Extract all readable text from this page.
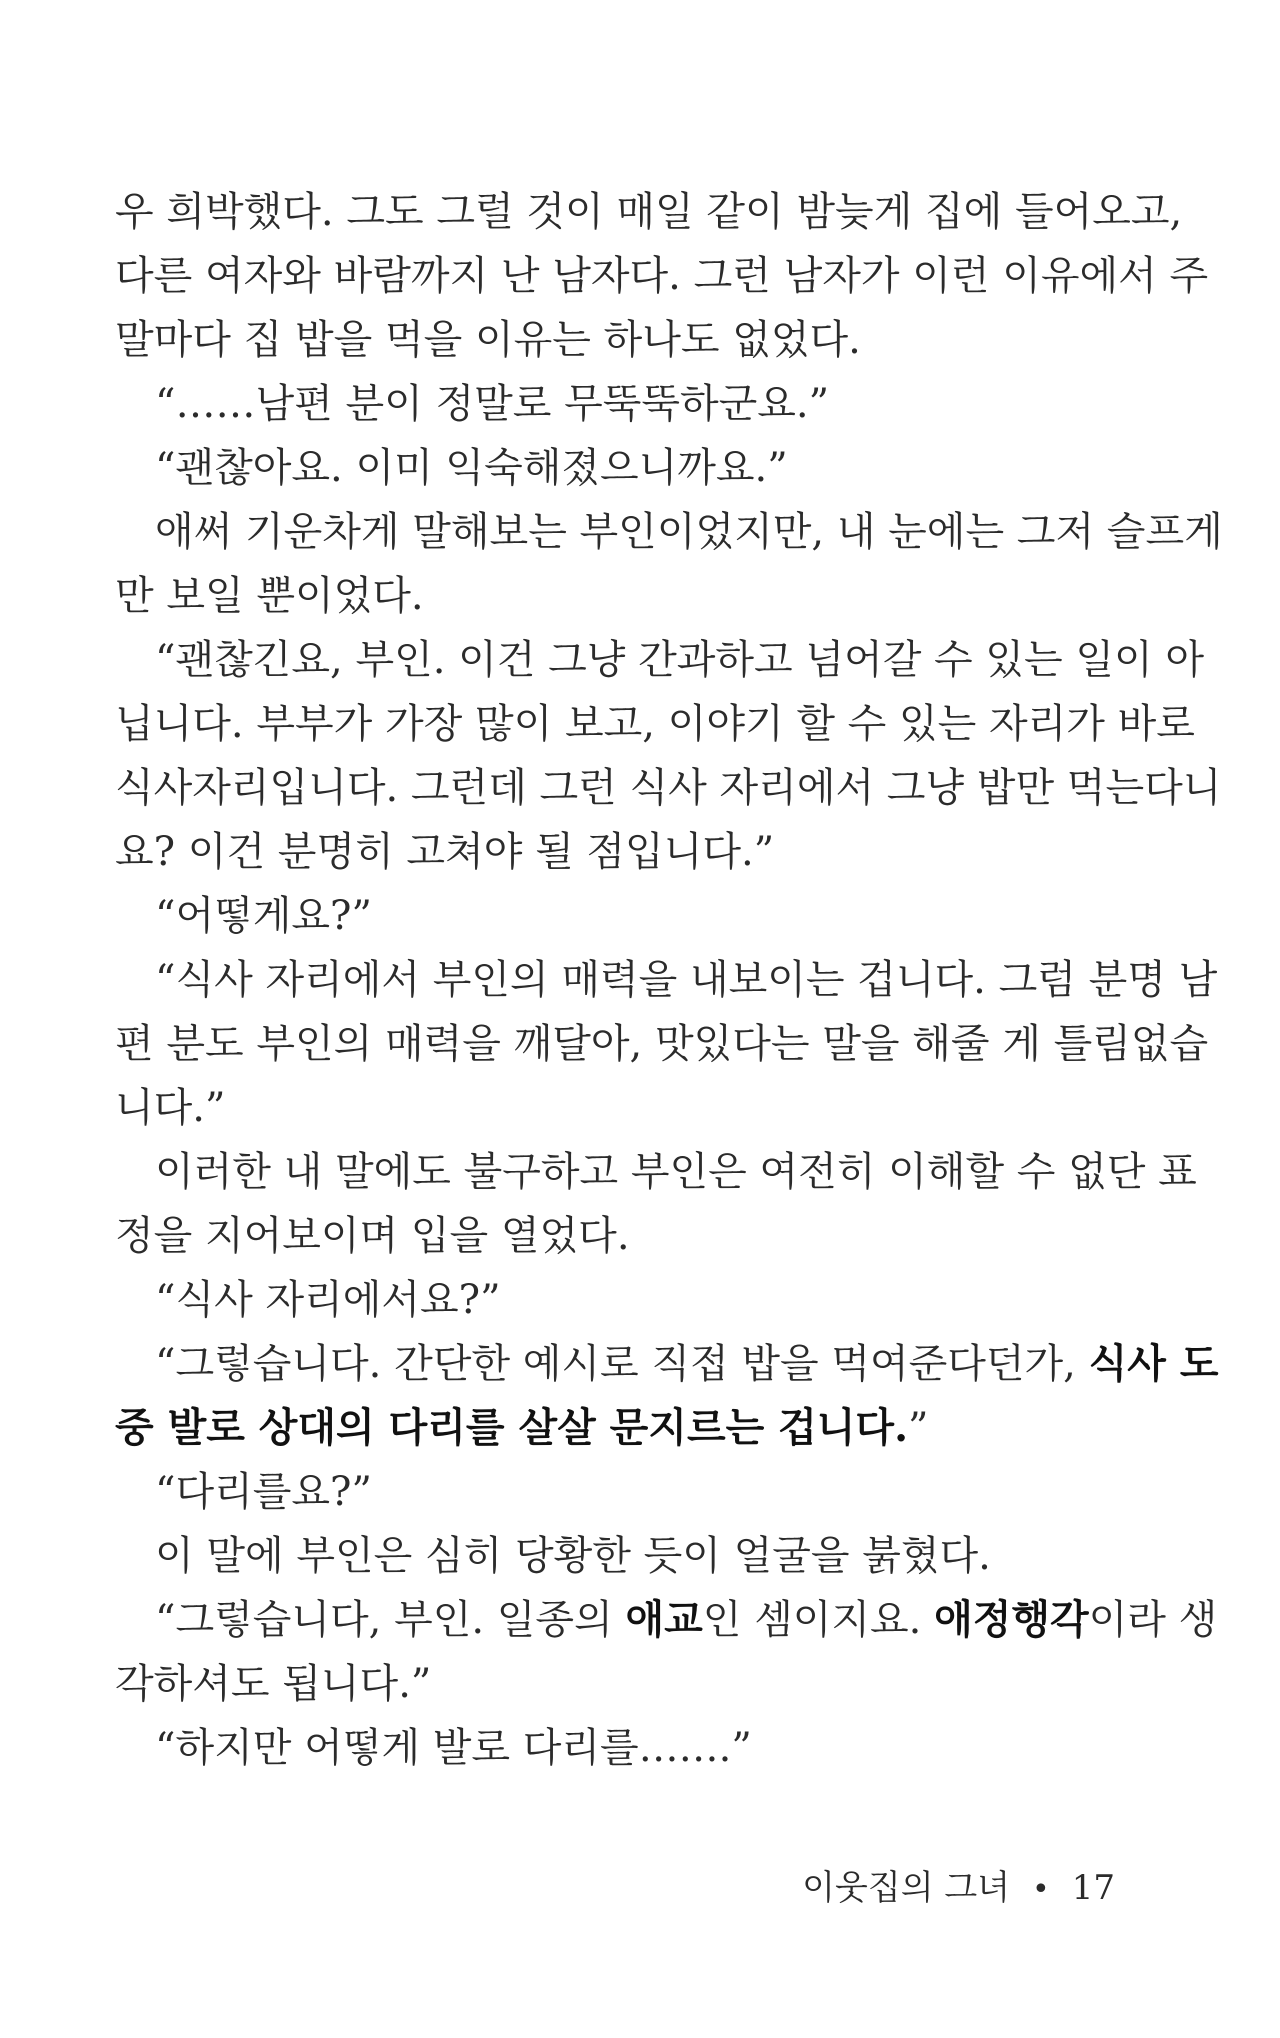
우 희박했다. 그도 그럴 것이 매일 같이 밤늦게 집에 들어오고,
다른 여자와 바람까지 난 남자다. 그런 남자가 이런 이유에서 주
말마다 집 밥을 먹을 이유는 하나도 없었다.
“……남편 분이 정말로 무뚝뚝하군요.”
“괜찮아요. 이미 익숙해졌으니까요.”
애써 기운차게 말해보는 부인이었지만, 내 눈에는 그저 슬프게
만 보일 뿐이었다.
“괜찮긴요, 부인. 이건 그냥 간과하고 넘어갈 수 있는 일이 아
닙니다. 부부가 가장 많이 보고, 이야기 할 수 있는 자리가 바로
식사자리입니다. 그런데 그런 식사 자리에서 그냥 밥만 먹는다니
요? 이건 분명히 고쳐야 될 점입니다.”
“어떻게요?”
“식사 자리에서 부인의 매력을 내보이는 겁니다. 그럼 분명 남
편 분도 부인의 매력을 깨달아, 맛있다는 말을 해줄 게 틀림없습
니다.”
이러한 내 말에도 불구하고 부인은 여전히 이해할 수 없단 표
정을 지어보이며 입을 열었다.
“식사 자리에서요?”
“그렇습니다. 간단한 예시로 직접 밥을 먹여준다던가, 식사 도
중 발로 상대의 다리를 살살 문지르는 겁니다.”
“다리를요?”
이 말에 부인은 심히 당황한 듯이 얼굴을 붉혔다.
“그렇습니다, 부인. 일종의 애교인 셈이지요. 애정행각이라 생
각하셔도 됩니다.”
“하지만 어떻게 발로 다리를…….”
이웃집의 그녀 • 17
